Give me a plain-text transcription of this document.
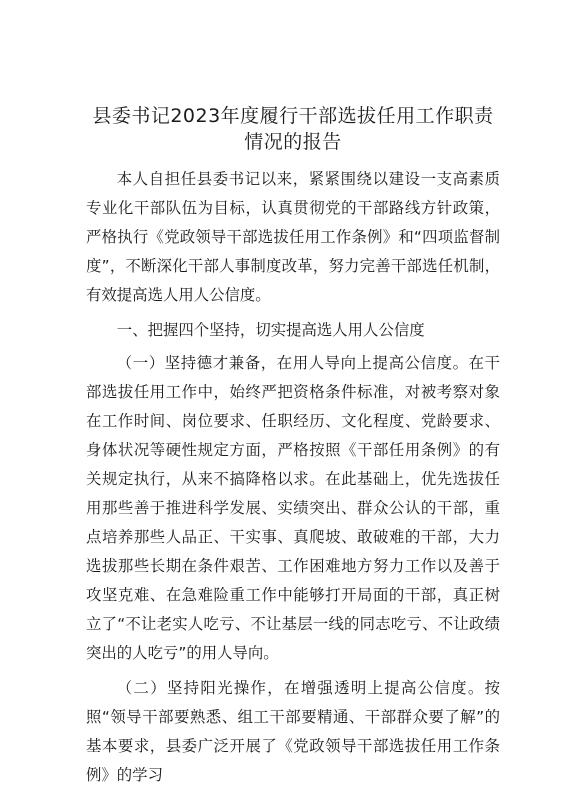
县委书记2023年度履行干部选拔任用工作职责
情况的报告

本人自担任县委书记以来，紧紧围绕以建设一支高素质专业化干部队伍为目标，认真贯彻党的干部路线方针政策，严格执行《党政领导干部选拔任用工作条例》和“四项监督制度”，不断深化干部人事制度改革，努力完善干部选任机制，有效提高选人用人公信度。

一、把握四个坚持，切实提高选人用人公信度

（一）坚持德才兼备，在用人导向上提高公信度。在干部选拔任用工作中，始终严把资格条件标准，对被考察对象在工作时间、岗位要求、任职经历、文化程度、党龄要求、身体状况等硬性规定方面，严格按照《干部任用条例》的有关规定执行，从来不搞降格以求。在此基础上，优先选拔任用那些善于推进科学发展、实绩突出、群众公认的干部，重点培养那些人品正、干实事、真爬坡、敢破难的干部，大力选拔那些长期在条件艰苦、工作困难地方努力工作以及善于攻坚克难、在急难险重工作中能够打开局面的干部，真正树立了“不让老实人吃亏、不让基层一线的同志吃亏、不让政绩突出的人吃亏”的用人导向。

（二）坚持阳光操作，在增强透明上提高公信度。按照“领导干部要熟悉、组工干部要精通、干部群众要了解”的基本要求，县委广泛开展了《党政领导干部选拔任用工作条例》的学习
